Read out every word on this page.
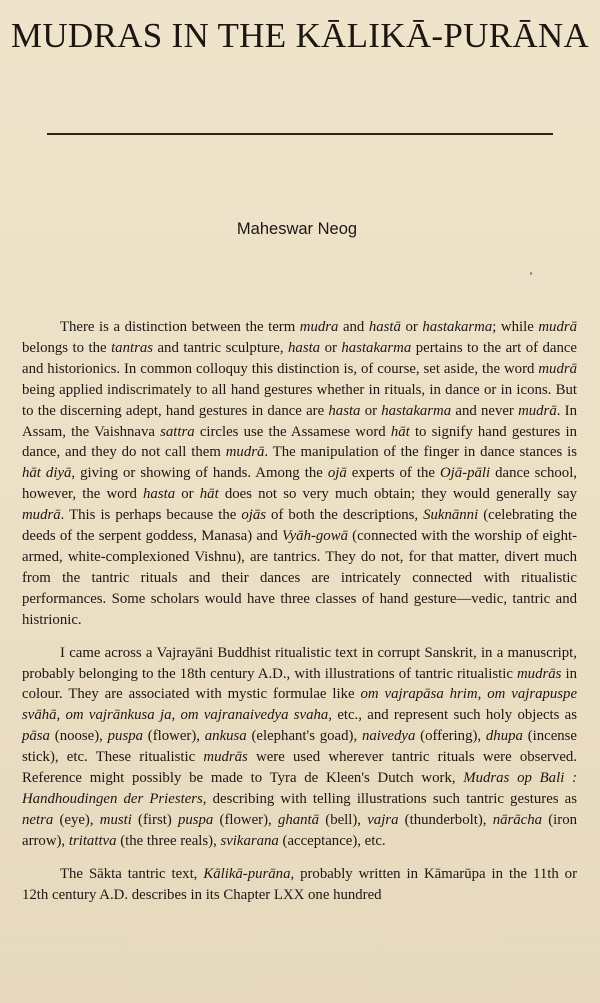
MUDRAS IN THE KĀLIKĀ-PURĀNA
Maheswar Neog

There is a distinction between the term mudra and hastā or hastakarma; while mudrā belongs to the tantras and tantric sculpture, hasta or hastakarma pertains to the art of dance and historionics. In common colloquy this distinction is, of course, set aside, the word mudrā being applied indiscrimately to all hand gestures whether in rituals, in dance or in icons. But to the discerning adept, hand gestures in dance are hasta or hastakarma and never mudrā. In Assam, the Vaishnava sattra circles use the Assamese word hāt to signify hand gestures in dance, and they do not call them mudrā. The manipulation of the finger in dance stances is hāt diyā, giving or showing of hands. Among the ojā experts of the Ojā-pāli dance school, however, the word hasta or hāt does not so very much obtain; they would generally say mudrā. This is perhaps because the ojās of both the descriptions, Suknānni (celebrating the deeds of the serpent goddess, Manasa) and Vyāh-gowā (connected with the worship of eight-armed, white-complexioned Vishnu), are tantrics. They do not, for that matter, divert much from the tantric rituals and their dances are intricately connected with ritualistic performances. Some scholars would have three classes of hand gesture—vedic, tantric and histrionic.

I came across a Vajrayāni Buddhist ritualistic text in corrupt Sanskrit, in a manuscript, probably belonging to the 18th century A.D., with illustrations of tantric ritualistic mudrās in colour. They are associated with mystic formulae like om vajrapāsa hrim, om vajrapuspe svāhā, om vajrānkusa ja, om vajranaivedya svaha, etc., and represent such holy objects as pāsa (noose), puspa (flower), ankusa (elephant's goad), naivedya (offering), dhupa (incense stick), etc. These ritualistic mudrās were used wherever tantric rituals were observed. Reference might possibly be made to Tyra de Kleen's Dutch work, Mudras op Bali : Handhoudingen der Priesters, describing with telling illustrations such tantric gestures as netra (eye), musti (first) puspa (flower), ghantā (bell), vajra (thunderbolt), nārācha (iron arrow), tritattva (the three reals), svikarana (acceptance), etc.

The Sākta tantric text, Kālikā-purāna, probably written in Kāmarūpa in the 11th or 12th century A.D. describes in its Chapter LXX one hundred
